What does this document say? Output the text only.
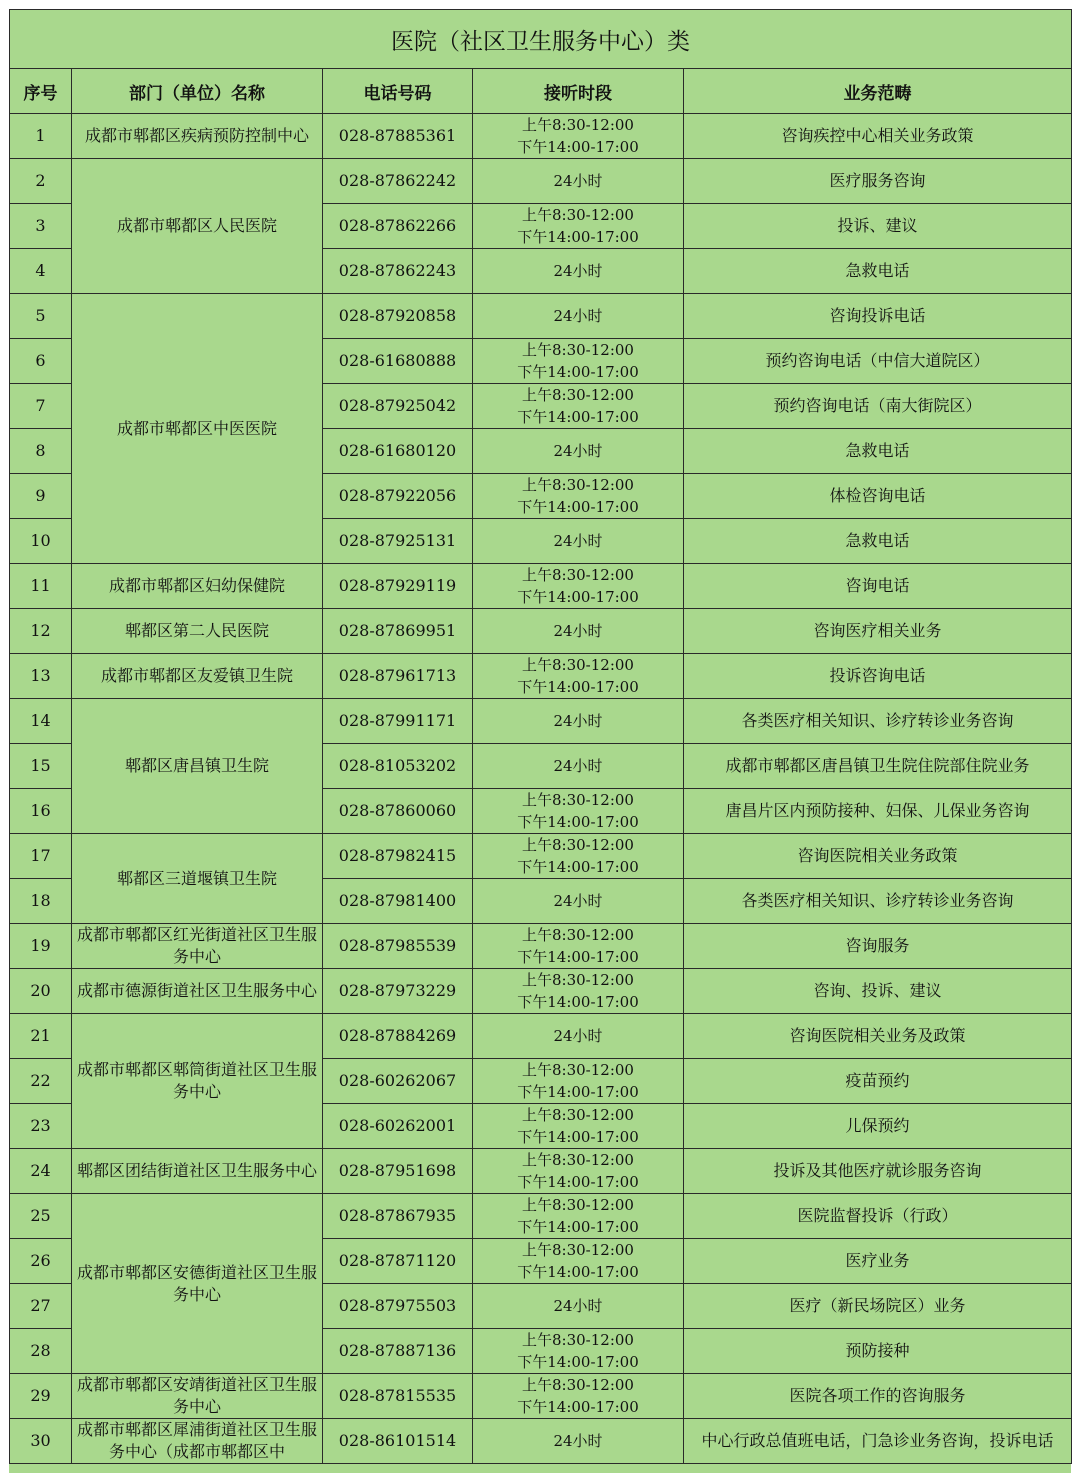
医院（社区卫生服务中心）类				
序号	部门（单位）名称	电话号码	接听时段	业务范畴
1	成都市郫都区疾病预防控制中心	028-87885361	上午8:30-12:00
下午14:00-17:00	咨询疾控中心相关业务政策
2	成都市郫都区人民医院	028-87862242	24小时	医疗服务咨询
3		028-87862266	上午8:30-12:00
下午14:00-17:00	投诉、建议
4		028-87862243	24小时	急救电话
5	成都市郫都区中医医院	028-87920858	24小时	咨询投诉电话
6		028-61680888	上午8:30-12:00
下午14:00-17:00	预约咨询电话（中信大道院区）
7		028-87925042	上午8:30-12:00
下午14:00-17:00	预约咨询电话（南大街院区）
8		028-61680120	24小时	急救电话
9		028-87922056	上午8:30-12:00
下午14:00-17:00	体检咨询电话
10		028-87925131	24小时	急救电话
11	成都市郫都区妇幼保健院	028-87929119	上午8:30-12:00
下午14:00-17:00	咨询电话
12	郫都区第二人民医院	028-87869951	24小时	咨询医疗相关业务
13	成都市郫都区友爱镇卫生院	028-87961713	上午8:30-12:00
下午14:00-17:00	投诉咨询电话
14	郫都区唐昌镇卫生院	028-87991171	24小时	各类医疗相关知识、诊疗转诊业务咨询
15		028-81053202	24小时	成都市郫都区唐昌镇卫生院住院部住院业务
16		028-87860060	上午8:30-12:00
下午14:00-17:00	唐昌片区内预防接种、妇保、儿保业务咨询
17	郫都区三道堰镇卫生院	028-87982415	上午8:30-12:00
下午14:00-17:00	咨询医院相关业务政策
18		028-87981400	24小时	各类医疗相关知识、诊疗转诊业务咨询
19	成都市郫都区红光街道社区卫生服务中心	028-87985539	上午8:30-12:00
下午14:00-17:00	咨询服务
20	成都市德源街道社区卫生服务中心	028-87973229	上午8:30-12:00
下午14:00-17:00	咨询、投诉、建议
21	成都市郫都区郫筒街道社区卫生服务中心	028-87884269	24小时	咨询医院相关业务及政策
22		028-60262067	上午8:30-12:00
下午14:00-17:00	疫苗预约
23		028-60262001	上午8:30-12:00
下午14:00-17:00	儿保预约
24	郫都区团结街道社区卫生服务中心	028-87951698	上午8:30-12:00
下午14:00-17:00	投诉及其他医疗就诊服务咨询
25	成都市郫都区安德街道社区卫生服务中心	028-87867935	上午8:30-12:00
下午14:00-17:00	医院监督投诉（行政）
26		028-87871120	上午8:30-12:00
下午14:00-17:00	医疗业务
27		028-87975503	24小时	医疗（新民场院区）业务
28		028-87887136	上午8:30-12:00
下午14:00-17:00	预防接种
29	成都市郫都区安靖街道社区卫生服务中心	028-87815535	上午8:30-12:00
下午14:00-17:00	医院各项工作的咨询服务
30	成都市郫都区犀浦街道社区卫生服务中心（成都市郫都区中	028-86101514	24小时	中心行政总值班电话，门急诊业务咨询，投诉电话
